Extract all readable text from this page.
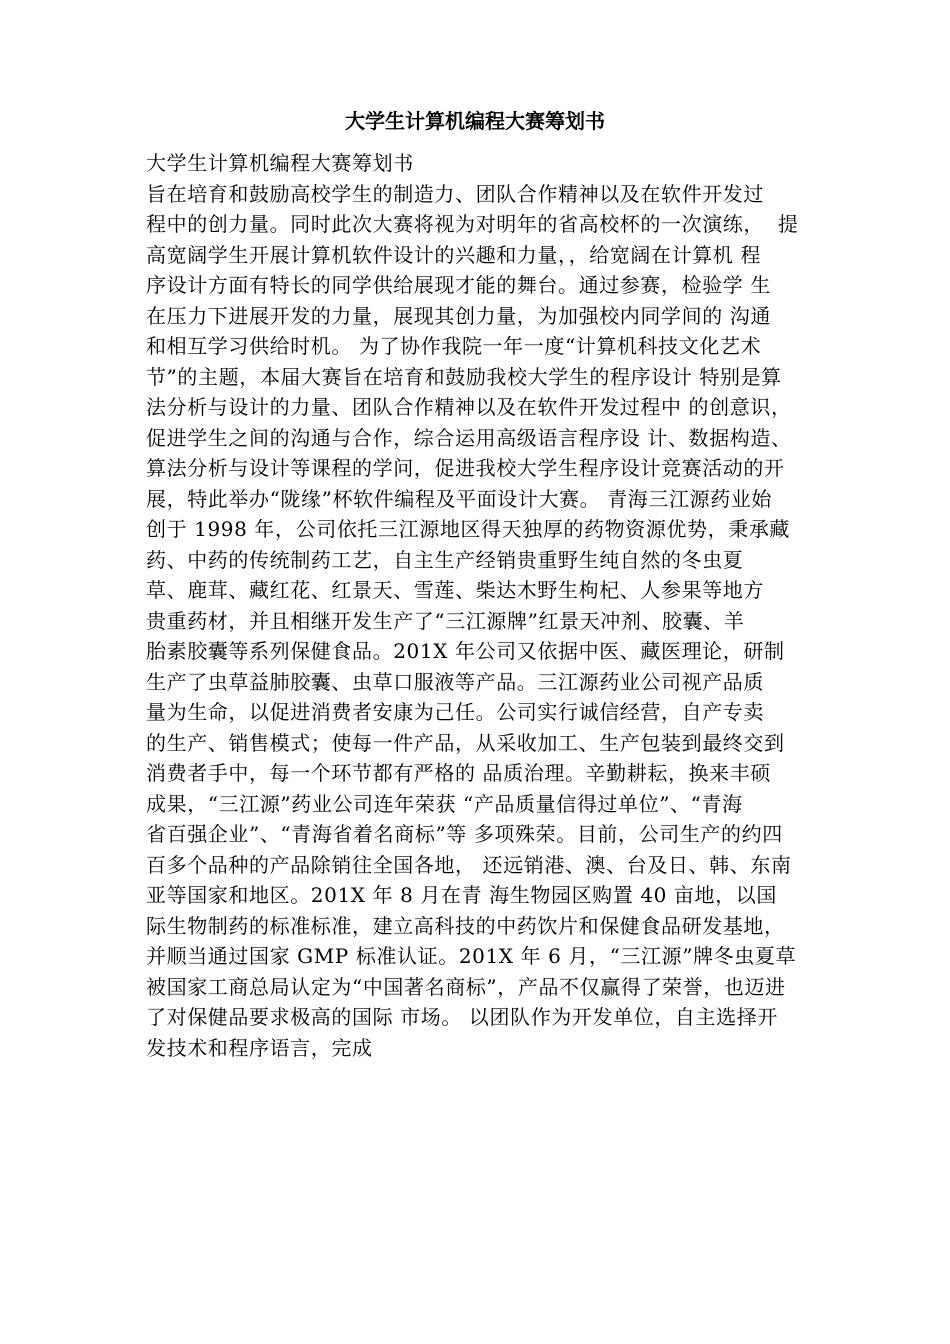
大学生计算机编程大赛筹划书
大学生计算机编程大赛筹划书
旨在培育和鼓励高校学生的制造力、团队合作精神以及在软件开发过
程中的创力量。同时此次大赛将视为对明年的省高校杯的一次演练，  提
高宽阔学生开展计算机软件设计的兴趣和力量，，给宽阔在计算机 程
序设计方面有特长的同学供给展现才能的舞台。通过参赛，检验学 生
在压力下进展开发的力量，展现其创力量，为加强校内同学间的 沟通
和相互学习供给时机。 为了协作我院一年一度“计算机科技文化艺术
节”的主题，本届大赛旨在培育和鼓励我校大学生的程序设计 特别是算
法分析与设计的力量、团队合作精神以及在软件开发过程中 的创意识，
促进学生之间的沟通与合作，综合运用高级语言程序设 计、数据构造、
算法分析与设计等课程的学问，促进我校大学生程序设计竞赛活动的开
展，特此举办“陇缘”杯软件编程及平面设计大赛。 青海三江源药业始
创于 1998 年，公司依托三江源地区得天独厚的药物资源优势，秉承藏
药、中药的传统制药工艺，自主生产经销贵重野生纯自然的冬虫夏
草、鹿茸、藏红花、红景天、雪莲、柴达木野生枸杞、人参果等地方
贵重药材，并且相继开发生产了“三江源牌”红景天冲剂、胶囊、羊
胎素胶囊等系列保健食品。201X 年公司又依据中医、藏医理论，研制
生产了虫草益肺胶囊、虫草口服液等产品。三江源药业公司视产品质
量为生命，以促进消费者安康为己任。公司实行诚信经营，自产专卖
的生产、销售模式；使每一件产品，从采收加工、生产包装到最终交到
消费者手中，每一个环节都有严格的 品质治理。辛勤耕耘，换来丰硕
成果，“三江源”药业公司连年荣获 “产品质量信得过单位”、“青海
省百强企业”、“青海省着名商标”等 多项殊荣。目前，公司生产的约四
百多个品种的产品除销往全国各地， 还远销港、澳、台及日、韩、东南
亚等国家和地区。201X 年 8 月在青 海生物园区购置 40 亩地，以国
际生物制药的标准标准，建立高科技的中药饮片和保健食品研发基地，
并顺当通过国家 GMP 标准认证。201X 年 6 月，“三江源”牌冬虫夏草
被国家工商总局认定为“中国著名商标”，产品不仅赢得了荣誉，也迈进
了对保健品要求极高的国际 市场。 以团队作为开发单位，自主选择开
发技术和程序语言，完成
